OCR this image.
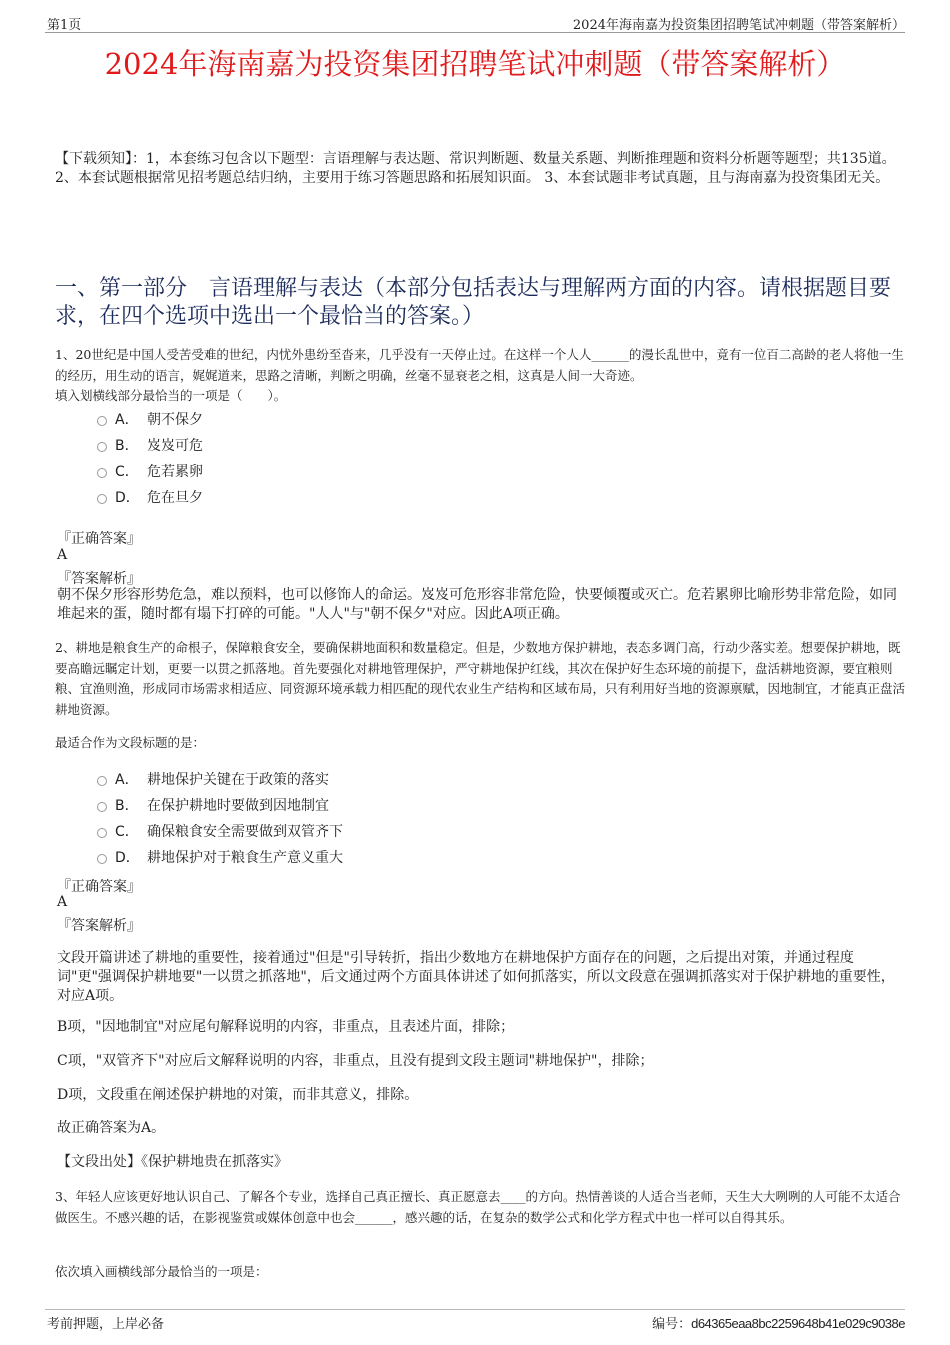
第1页	2024年海南嘉为投资集团招聘笔试冲刺题（带答案解析）
2024年海南嘉为投资集团招聘笔试冲刺题（带答案解析）
【下载须知】：1，本套练习包含以下题型：言语理解与表达题、常识判断题、数量关系题、判断推理题和资料分析题等题型；共135道。 2、本套试题根据常见招考题总结归纳，主要用于练习答题思路和拓展知识面。 3、本套试题非考试真题，且与海南嘉为投资集团无关。
一、第一部分　言语理解与表达（本部分包括表达与理解两方面的内容。请根据题目要求，在四个选项中选出一个最恰当的答案。）
1、20世纪是中国人受苦受难的世纪，内忧外患纷至沓来，几乎没有一天停止过。在这样一个人人______的漫长乱世中，竟有一位百二高龄的老人将他一生的经历，用生动的语言，娓娓道来，思路之清晰，判断之明确，丝毫不显衰老之相，这真是人间一大奇迹。
填入划横线部分最恰当的一项是（　　）。
A． 朝不保夕
B． 岌岌可危
C． 危若累卵
D． 危在旦夕
『正确答案』
A
『答案解析』
朝不保夕形容形势危急，难以预料，也可以修饰人的命运。岌岌可危形容非常危险，快要倾覆或灭亡。危若累卵比喻形势非常危险，如同堆起来的蛋，随时都有塌下打碎的可能。"人人"与"朝不保夕"对应。因此A项正确。
2、耕地是粮食生产的命根子，保障粮食安全，要确保耕地面积和数量稳定。但是，少数地方保护耕地，表态多调门高，行动少落实差。想要保护耕地，既要高瞻远瞩定计划，更要一以贯之抓落地。首先要强化对耕地管理保护，严守耕地保护红线，其次在保护好生态环境的前提下，盘活耕地资源，要宜粮则粮、宜渔则渔，形成同市场需求相适应、同资源环境承载力相匹配的现代农业生产结构和区域布局，只有利用好当地的资源禀赋，因地制宜，才能真正盘活耕地资源。
最适合作为文段标题的是：
A． 耕地保护关键在于政策的落实
B． 在保护耕地时要做到因地制宜
C． 确保粮食安全需要做到双管齐下
D． 耕地保护对于粮食生产意义重大
『正确答案』
A
『答案解析』
文段开篇讲述了耕地的重要性，接着通过"但是"引导转折，指出少数地方在耕地保护方面存在的问题，之后提出对策，并通过程度词"更"强调保护耕地要"一以贯之抓落地"，后文通过两个方面具体讲述了如何抓落实，所以文段意在强调抓落实对于保护耕地的重要性，对应A项。
B项，"因地制宜"对应尾句解释说明的内容，非重点，且表述片面，排除；
C项，"双管齐下"对应后文解释说明的内容，非重点，且没有提到文段主题词"耕地保护"，排除；
D项，文段重在阐述保护耕地的对策，而非其意义，排除。
故正确答案为A。
【文段出处】《保护耕地贵在抓落实》
3、年轻人应该更好地认识自己、了解各个专业，选择自己真正擅长、真正愿意去____的方向。热情善谈的人适合当老师，天生大大咧咧的人可能不太适合做医生。不感兴趣的话，在影视鉴赏或媒体创意中也会______，感兴趣的话，在复杂的数学公式和化学方程式中也一样可以自得其乐。
依次填入画横线部分最恰当的一项是：
考前押题，上岸必备	编号：d64365eaa8bc2259648b41e029c9038e
